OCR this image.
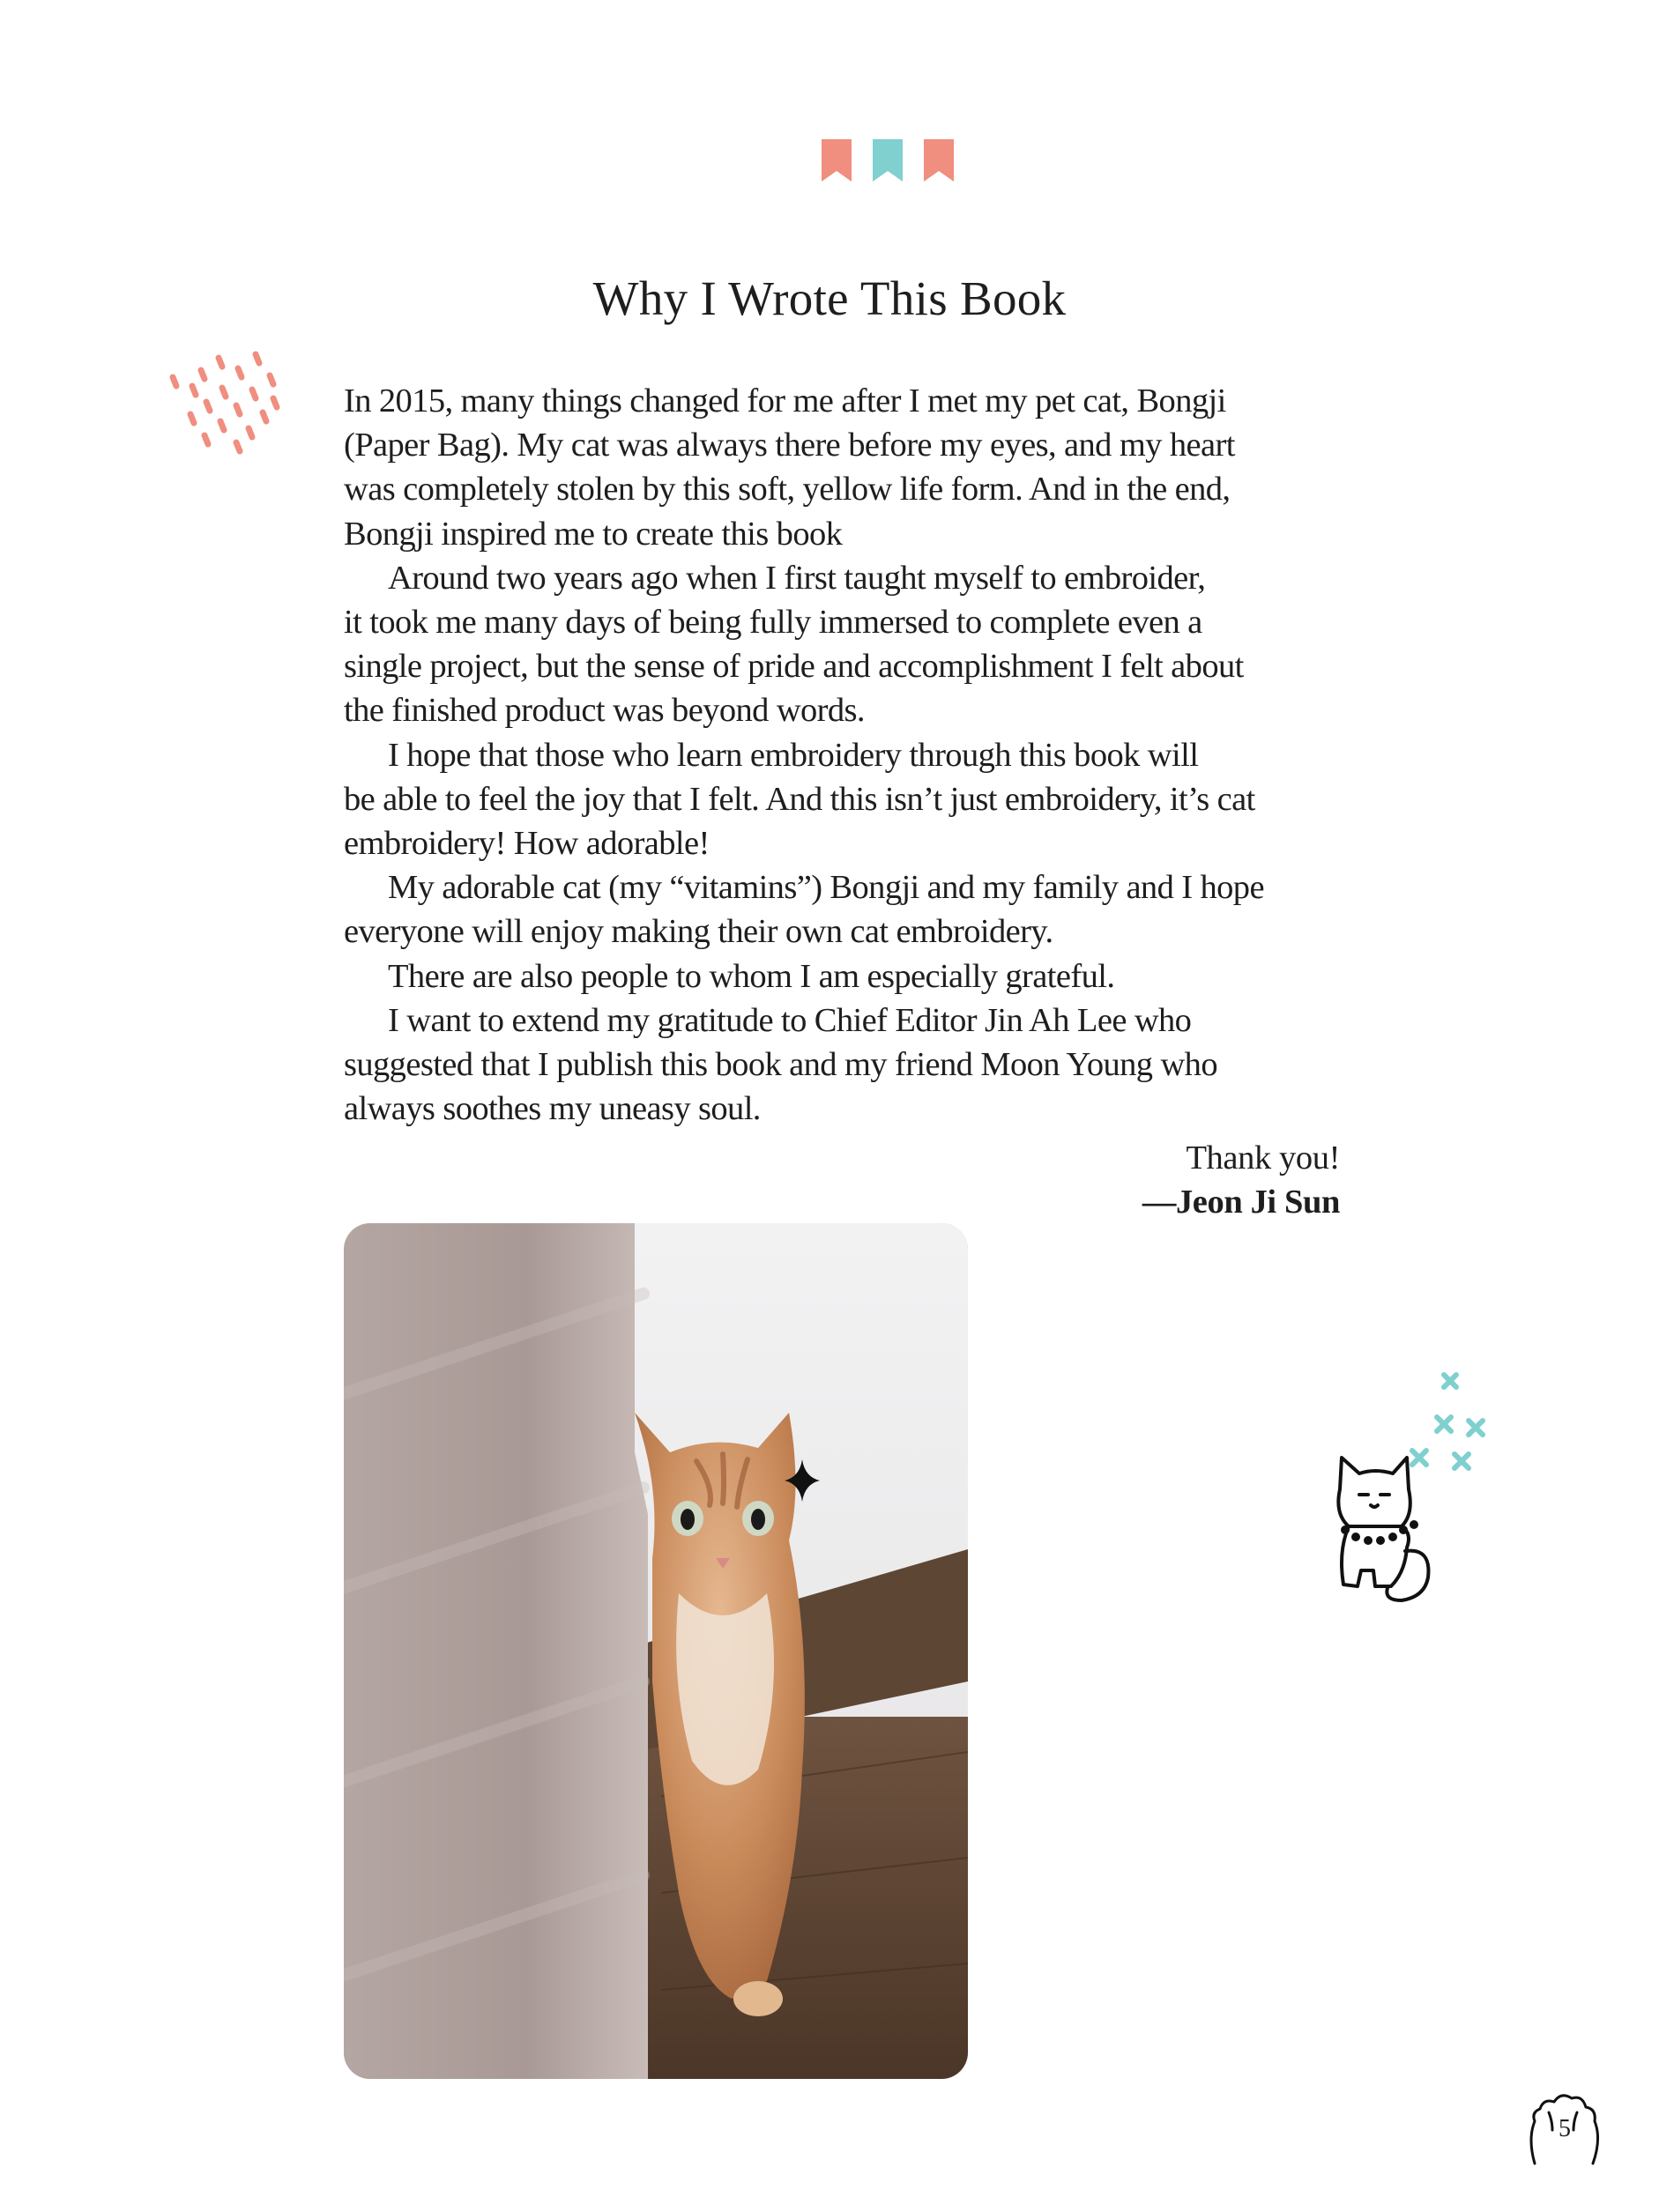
Why I Wrote This Book

In 2015, many things changed for me after I met my pet cat, Bongji

(Paper Bag). My cat was always there before my eyes, and my heart

was completely stolen by this soft, yellow life form. And in the end,

Bongji inspired me to create this book

Around two years ago when I first taught myself to embroider,

it took me many days of being fully immersed to complete even a

single project, but the sense of pride and accomplishment I felt about

the finished product was beyond words.

I hope that those who learn embroidery through this book will

be able to feel the joy that I felt. And this isn’t just embroidery, it’s cat

embroidery! How adorable!

My adorable cat (my “vitamins”) Bongji and my family and I hope

everyone will enjoy making their own cat embroidery.

There are also people to whom I am especially grateful.

I want to extend my gratitude to Chief Editor Jin Ah Lee who

suggested that I publish this book and my friend Moon Young who

always soothes my uneasy soul.

Thank you!
—Jeon Ji Sun
5
